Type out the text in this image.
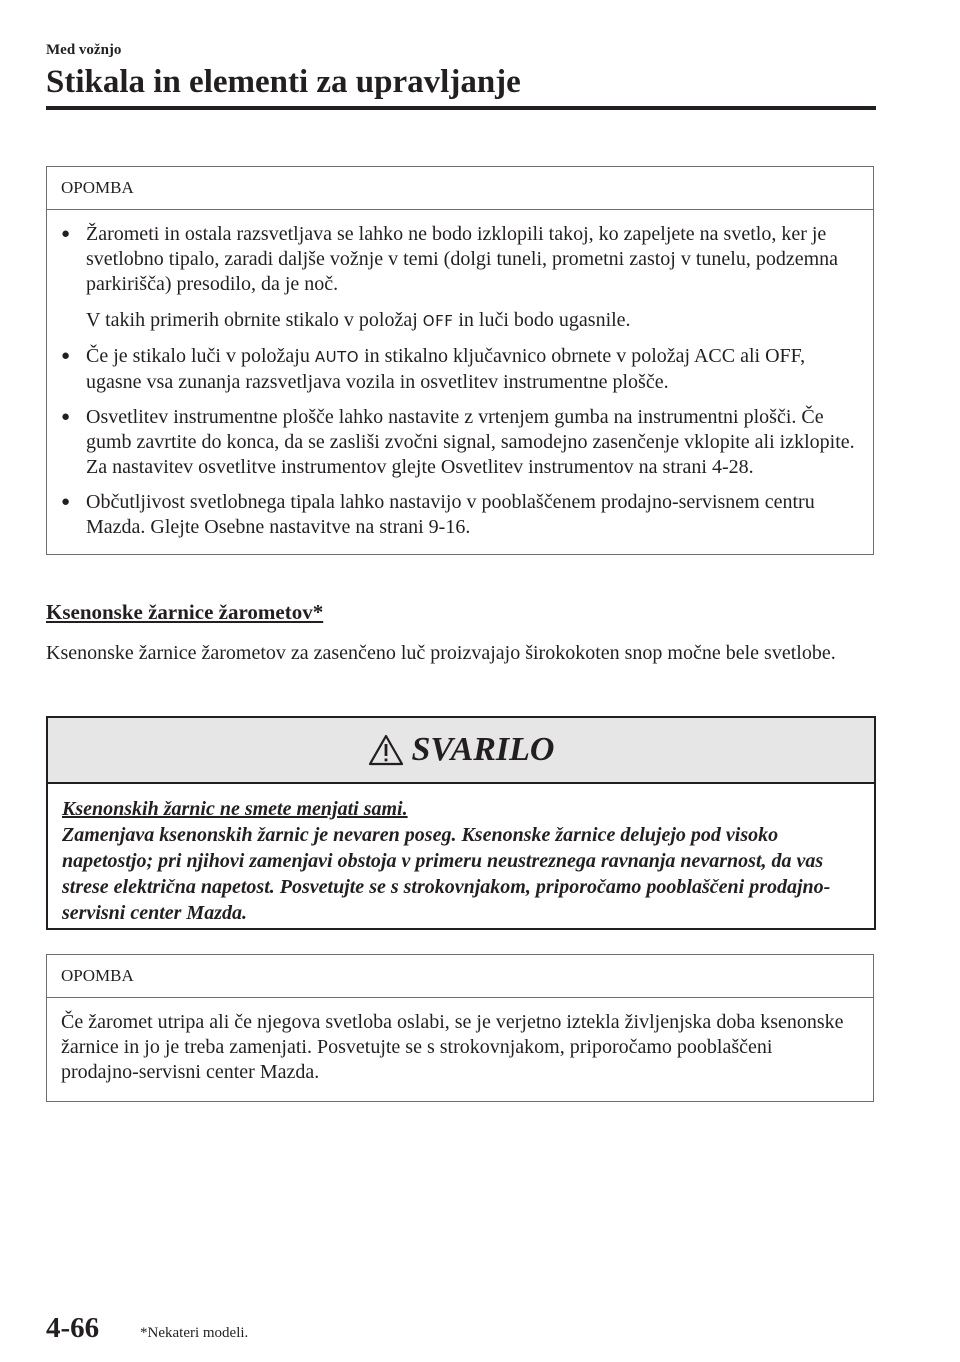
Med vožnjo
Stikala in elementi za upravljanje
OPOMBA
● Žarometi in ostala razsvetljava se lahko ne bodo izklopili takoj, ko zapeljete na svetlo, ker je svetlobno tipalo, zaradi daljše vožnje v temi (dolgi tuneli, prometni zastoj v tunelu, podzemna parkirišča) presodilo, da je noč.

V takih primerih obrnite stikalo v položaj OFF in luči bodo ugasnile.

● Če je stikalo luči v položaju AUTO in stikalno ključavnico obrnete v položaj ACC ali OFF, ugasne vsa zunanja razsvetljava vozila in osvetlitev instrumentne plošče.

● Osvetlitev instrumentne plošče lahko nastavite z vrtenjem gumba na instrumentni plošči. Če gumb zavrtite do konca, da se zasliši zvočni signal, samodejno zasenčenje vklopite ali izklopite. Za nastavitev osvetlitve instrumentov glejte Osvetlitev instrumentov na strani 4-28.

● Občutljivost svetlobnega tipala lahko nastavijo v pooblaščenem prodajno-servisnem centru Mazda. Glejte Osebne nastavitve na strani 9-16.

Ksenonske žarnice žarometov*

Ksenonske žarnice žarometov za zasenčeno luč proizvajajo širokokoten snop močne bele svetlobe.

SVARILO
Ksenonskih žarnic ne smete menjati sami.
Zamenjava ksenonskih žarnic je nevaren poseg. Ksenonske žarnice delujejo pod visoko napetostjo; pri njihovi zamenjavi obstoja v primeru neustreznega ravnanja nevarnost, da vas strese električna napetost. Posvetujte se s strokovnjakom, priporočamo pooblaščeni prodajno-servisni center Mazda.
OPOMBA
Če žaromet utripa ali če njegova svetloba oslabi, se je verjetno iztekla življenjska doba ksenonske žarnice in jo je treba zamenjati. Posvetujte se s strokovnjakom, priporočamo pooblaščeni prodajno-servisni center Mazda.
4-66	*Nekateri modeli.
